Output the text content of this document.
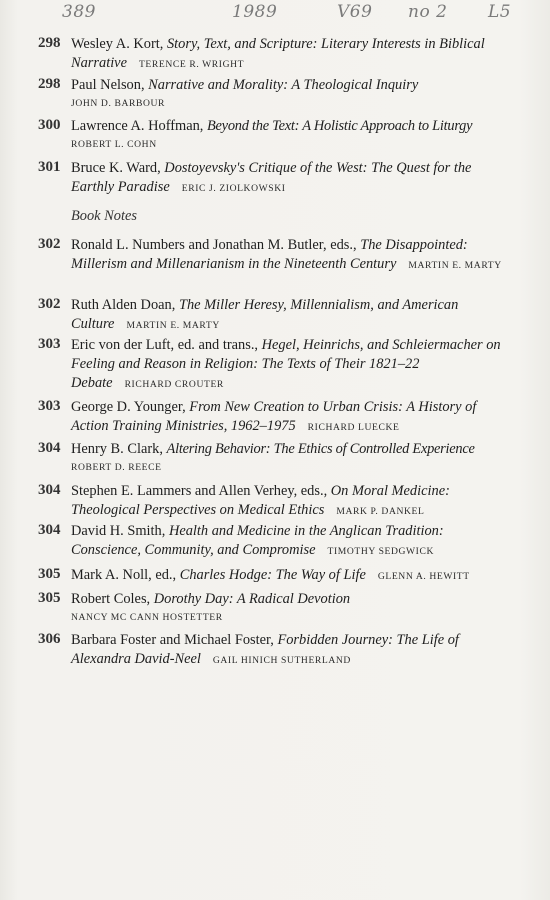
389	1989	V69 no 2 L5
298 Wesley A. Kort, Story, Text, and Scripture: Literary Interests in Biblical Narrative TERENCE R. WRIGHT
298 Paul Nelson, Narrative and Morality: A Theological Inquiry
JOHN D. BARBOUR
300 Lawrence A. Hoffman, Beyond the Text: A Holistic Approach to Liturgy
ROBERT L. COHN
301 Bruce K. Ward, Dostoyevsky's Critique of the West: The Quest for the Earthly Paradise ERIC J. ZIOLKOWSKI
Book Notes
302 Ronald L. Numbers and Jonathan M. Butler, eds., The Disappointed: Millerism and Millenarianism in the Nineteenth Century MARTIN E. MARTY
302 Ruth Alden Doan, The Miller Heresy, Millennialism, and American Culture MARTIN E. MARTY
303 Eric von der Luft, ed. and trans., Hegel, Heinrichs, and Schleiermacher on Feeling and Reason in Religion: The Texts of Their 1821–22 Debate RICHARD CROUTER
303 George D. Younger, From New Creation to Urban Crisis: A History of Action Training Ministries, 1962–1975 RICHARD LUECKE
304 Henry B. Clark, Altering Behavior: The Ethics of Controlled Experience
ROBERT D. REECE
304 Stephen E. Lammers and Allen Verhey, eds., On Moral Medicine: Theological Perspectives on Medical Ethics MARK P. DANKEL
304 David H. Smith, Health and Medicine in the Anglican Tradition: Conscience, Community, and Compromise TIMOTHY SEDGWICK
305 Mark A. Noll, ed., Charles Hodge: The Way of Life GLENN A. HEWITT
305 Robert Coles, Dorothy Day: A Radical Devotion
NANCY MC CANN HOSTETTER
306 Barbara Foster and Michael Foster, Forbidden Journey: The Life of Alexandra David-Neel GAIL HINICH SUTHERLAND
